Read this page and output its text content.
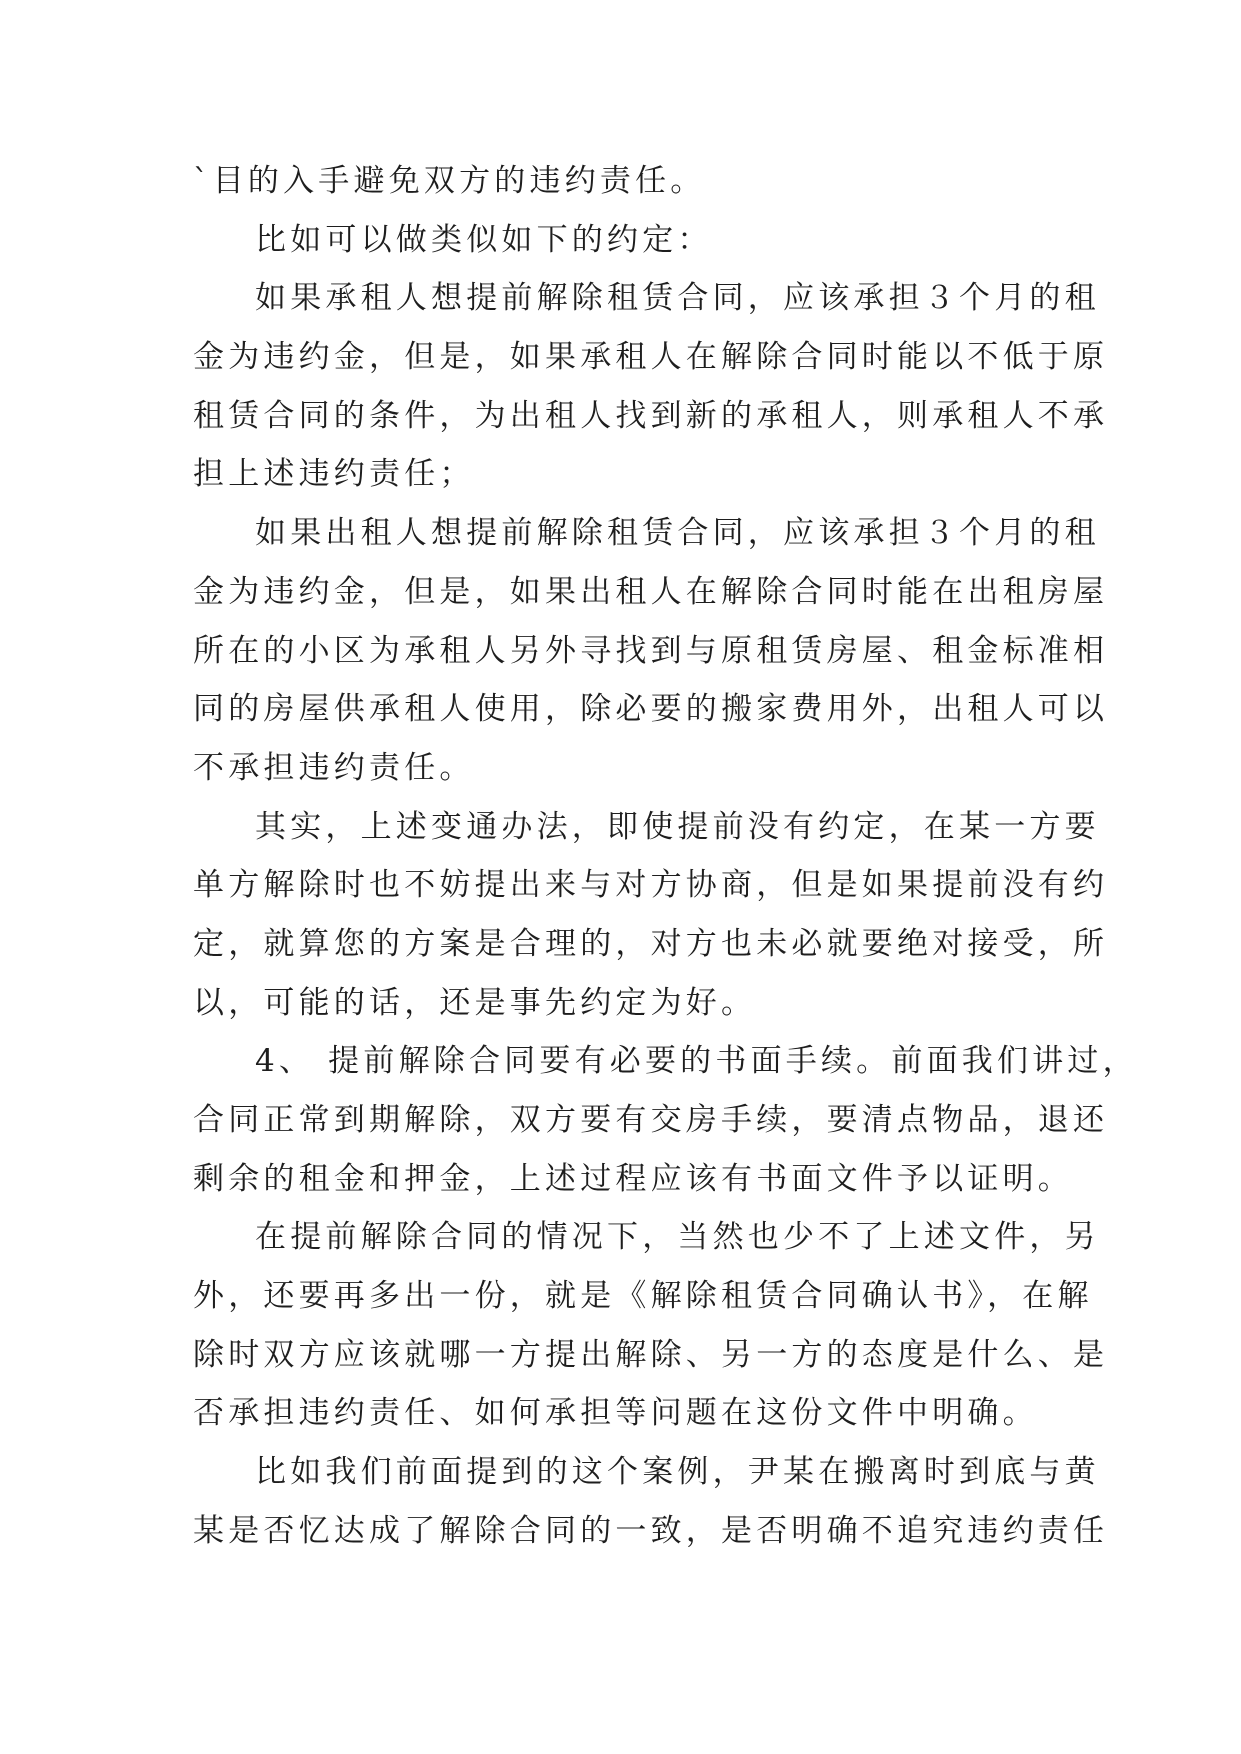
`目的入手避免双方的违约责任。
比如可以做类似如下的约定：
如果承租人想提前解除租赁合同，应该承担３个月的租
金为违约金，但是，如果承租人在解除合同时能以不低于原
租赁合同的条件，为出租人找到新的承租人，则承租人不承
担上述违约责任；
如果出租人想提前解除租赁合同，应该承担３个月的租
金为违约金，但是，如果出租人在解除合同时能在出租房屋
所在的小区为承租人另外寻找到与原租赁房屋、租金标准相
同的房屋供承租人使用，除必要的搬家费用外，出租人可以
不承担违约责任。
其实，上述变通办法，即使提前没有约定，在某一方要
单方解除时也不妨提出来与对方协商，但是如果提前没有约
定，就算您的方案是合理的，对方也未必就要绝对接受，所
以，可能的话，还是事先约定为好。
4、 提前解除合同要有必要的书面手续。前面我们讲过，
合同正常到期解除，双方要有交房手续，要清点物品，退还
剩余的租金和押金，上述过程应该有书面文件予以证明。
在提前解除合同的情况下，当然也少不了上述文件，另
外，还要再多出一份，就是《解除租赁合同确认书》，在解
除时双方应该就哪一方提出解除、另一方的态度是什么、是
否承担违约责任、如何承担等问题在这份文件中明确。
比如我们前面提到的这个案例，尹某在搬离时到底与黄
某是否忆达成了解除合同的一致，是否明确不追究违约责任
